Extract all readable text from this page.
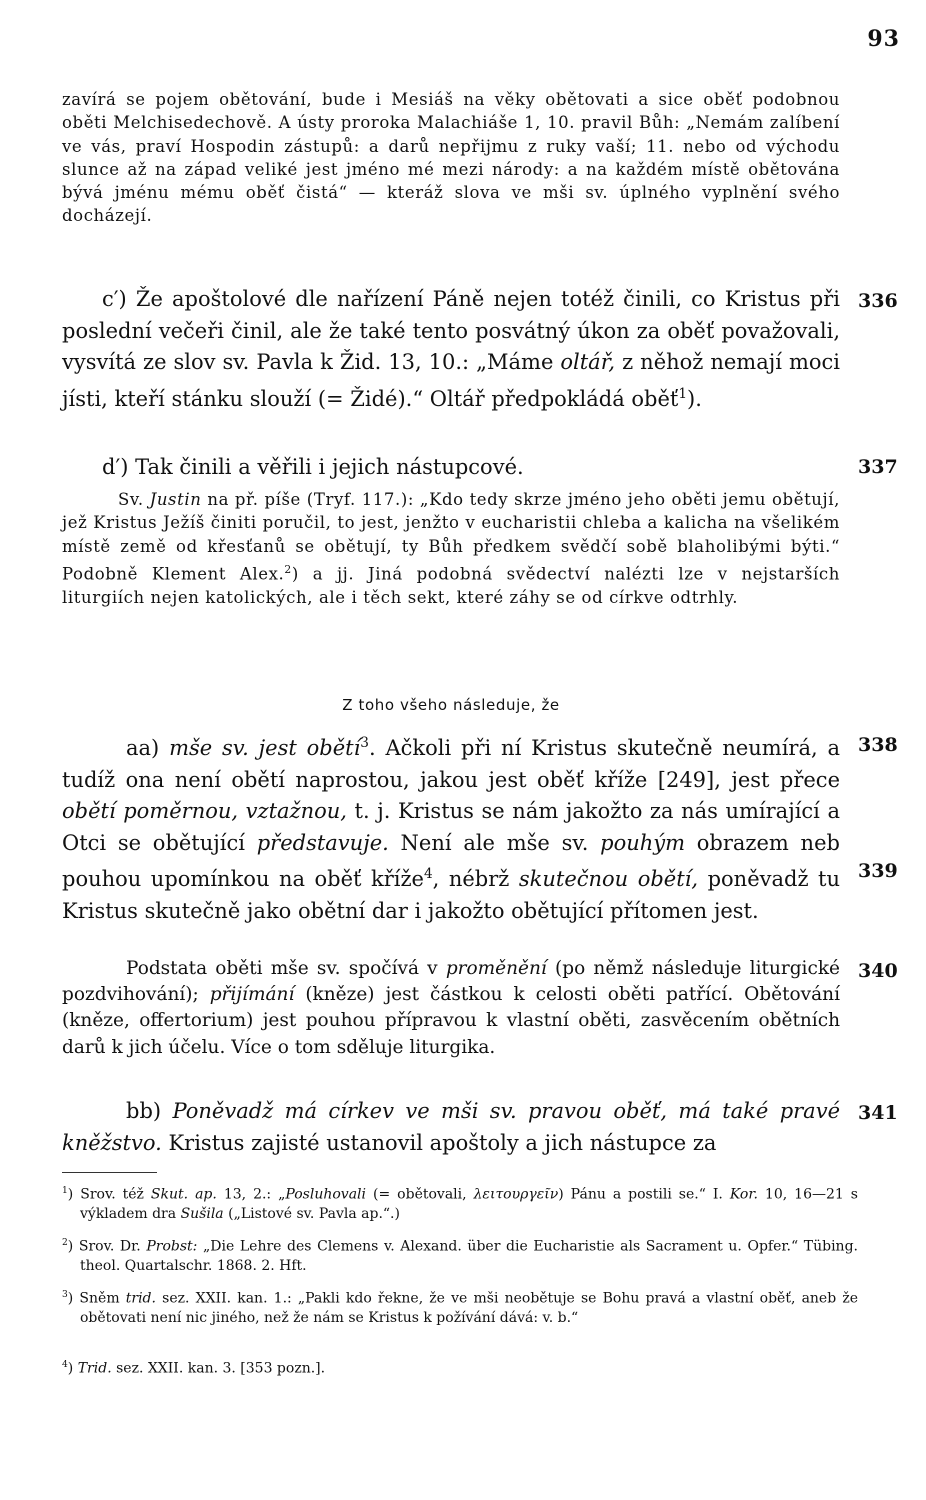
93
zavírá se pojem obětování, bude i Mesiáš na věky obětovati a sice oběť podobnou oběti Melchisedechově. A ústy proroka Malachiáše 1, 10. pravil Bůh: „Nemám zalíbení ve vás, praví Hospodin zástupů: a darů nepřijmu z ruky vaší; 11. nebo od východu slunce až na západ veliké jest jméno mé mezi národy: a na každém místě obětována bývá jménu mému oběť čistá“ — kteráž slova ve mši sv. úplného vyplnění svého docházejí.
c′) Že apoštolové dle nařízení Páně nejen totéž činili, co Kristus při poslední večeři činil, ale že také tento posvátný úkon za oběť považovali, vysvítá ze slov sv. Pavla k Žid. 13, 10.: „Máme oltář, z něhož nemají moci jísti, kteří stánku slouží (= Židé).“ Oltář předpokládá oběť$^1$).
336
d′) Tak činili a věřili i jejich nástupcové.	337
Sv. Justin na př. píše (Tryf. 117.): „Kdo tedy skrze jméno jeho oběti jemu obětují, jež Kristus Ježíš činiti poručil, to jest, jenžto v eucharistii chleba a kalicha na všelikém místě země od křesťanů se obětují, ty Bůh předkem svědčí sobě blaholibými býti.“ Podobně Klement Alex.$^2$) a jj. Jiná podobná svědectví nalézti lze v nejstarších liturgiích nejen katolických, ale i těch sekt, které záhy se od církve odtrhly.
Z toho všeho následuje, že
aa) mše sv. jest obětí$^3$. Ačkoli při ní Kristus skutečně neumírá, a tudíž ona není obětí naprostou, jakou jest oběť kříže [249], jest přece obětí poměrnou, vztažnou, t. j. Kristus se nám jakožto za nás umírající a Otci se obětující představuje. Není ale mše sv. pouhým obrazem neb pouhou upomínkou na oběť kříže$^4$, nébrž skutečnou obětí, poněvadž tu Kristus skutečně jako obětní dar i jakožto obětující přítomen jest.
338
339
Podstata oběti mše sv. spočívá v proměnění (po němž následuje liturgické pozdvihování); přijímání (kněze) jest částkou k celosti oběti patřící. Obětování (kněze, offertorium) jest pouhou přípravou k vlastní oběti, zasvěcením obětních darů k jich účelu. Více o tom sděluje liturgika.
340
bb) Poněvadž má církev ve mši sv. pravou oběť, má také pravé kněžstvo. Kristus zajisté ustanovil apoštoly a jich nástupce za
341
$^1$) Srov. též Skut. ap. 13, 2.: „Posluhovali (= obětovali, λειτουργεῖν) Pánu a postili se.“ I. Kor. 10, 16—21 s výkladem dra Sušila („Listové sv. Pavla ap.“.)
$^2$) Srov. Dr. Probst: „Die Lehre des Clemens v. Alexand. über die Eucharistie als Sacrament u. Opfer.“ Tübing. theol. Quartalschr. 1868. 2. Hft.
$^3$) Sněm trid. sez. XXII. kan. 1.: „Pakli kdo řekne, že ve mši neobětuje se Bohu pravá a vlastní oběť, aneb že obětovati není nic jiného, než že nám se Kristus k požívání dává: v. b.“
$^4$) Trid. sez. XXII. kan. 3. [353 pozn.].
